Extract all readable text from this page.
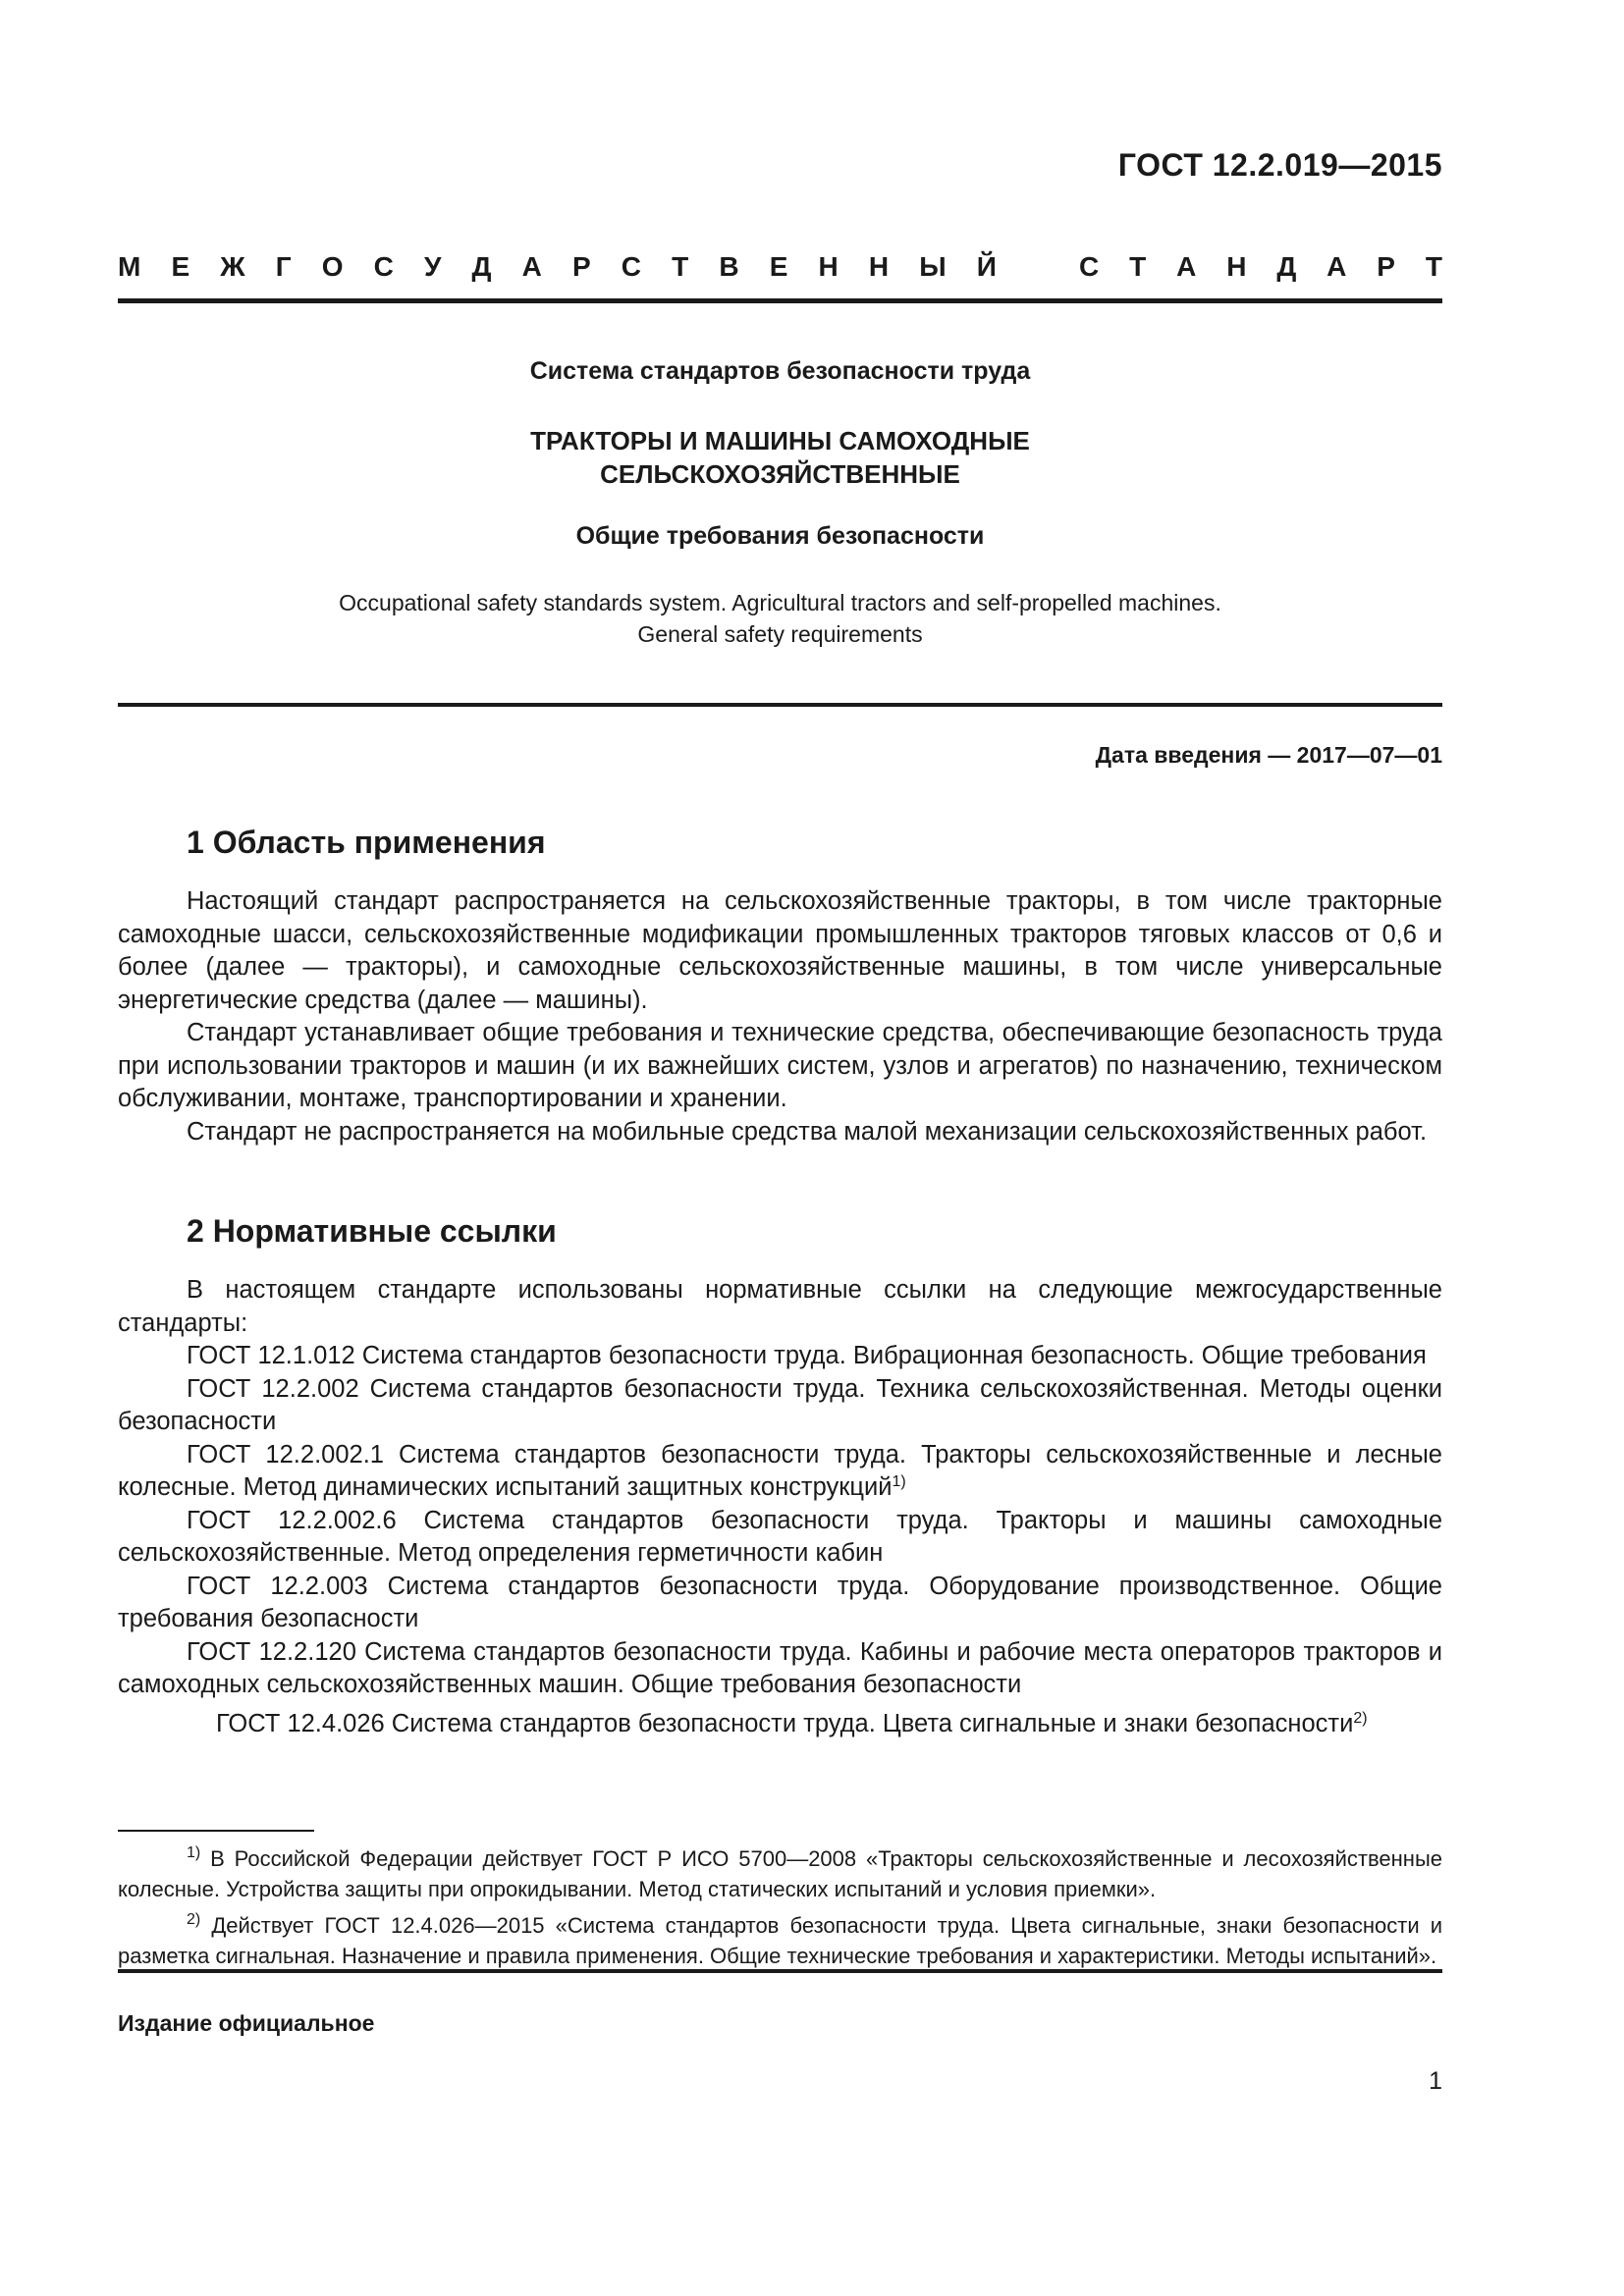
ГОСТ 12.2.019—2015
М Е Ж Г О С У Д А Р С Т В Е Н Н Ы Й	С Т А Н Д А Р Т
Система стандартов безопасности труда
ТРАКТОРЫ И МАШИНЫ САМОХОДНЫЕ
СЕЛЬСКОХОЗЯЙСТВЕННЫЕ
Общие требования безопасности
Occupational safety standards system. Agricultural tractors and self-propelled machines.
General safety requirements
Дата введения — 2017—07—01
1 Область применения

Настоящий стандарт распространяется на сельскохозяйственные тракторы, в том числе тракторные самоходные шасси, сельскохозяйственные модификации промышленных тракторов тяговых классов от 0,6 и более (далее — тракторы), и самоходные сельскохозяйственные машины, в том числе универсальные энергетические средства (далее — машины).

Стандарт устанавливает общие требования и технические средства, обеспечивающие безопасность труда при использовании тракторов и машин (и их важнейших систем, узлов и агрегатов) по назначению, техническом обслуживании, монтаже, транспортировании и хранении.

Стандарт не распространяется на мобильные средства малой механизации сельскохозяйственных работ.

2 Нормативные ссылки

В настоящем стандарте использованы нормативные ссылки на следующие межгосударственные стандарты:

ГОСТ 12.1.012 Система стандартов безопасности труда. Вибрационная безопасность. Общие требования

ГОСТ 12.2.002 Система стандартов безопасности труда. Техника сельскохозяйственная. Методы оценки безопасности

ГОСТ 12.2.002.1 Система стандартов безопасности труда. Тракторы сельскохозяйственные и лесные колесные. Метод динамических испытаний защитных конструкций$^{1)}$

ГОСТ 12.2.002.6 Система стандартов безопасности труда. Тракторы и машины самоходные сельскохозяйственные. Метод определения герметичности кабин

ГОСТ 12.2.003 Система стандартов безопасности труда. Оборудование производственное. Общие требования безопасности

ГОСТ 12.2.120 Система стандартов безопасности труда. Кабины и рабочие места операторов тракторов и самоходных сельскохозяйственных машин. Общие требования безопасности

ГОСТ 12.4.026 Система стандартов безопасности труда. Цвета сигнальные и знаки безопасности$^{2)}$

$^{1)}$ В Российской Федерации действует ГОСТ Р ИСО 5700—2008 «Тракторы сельскохозяйственные и лесохозяйственные колесные. Устройства защиты при опрокидывании. Метод статических испытаний и условия приемки».

$^{2)}$ Действует ГОСТ 12.4.026—2015 «Система стандартов безопасности труда. Цвета сигнальные, знаки безопасности и разметка сигнальная. Назначение и правила применения. Общие технические требования и характеристики. Методы испытаний».

Издание официальное
1
